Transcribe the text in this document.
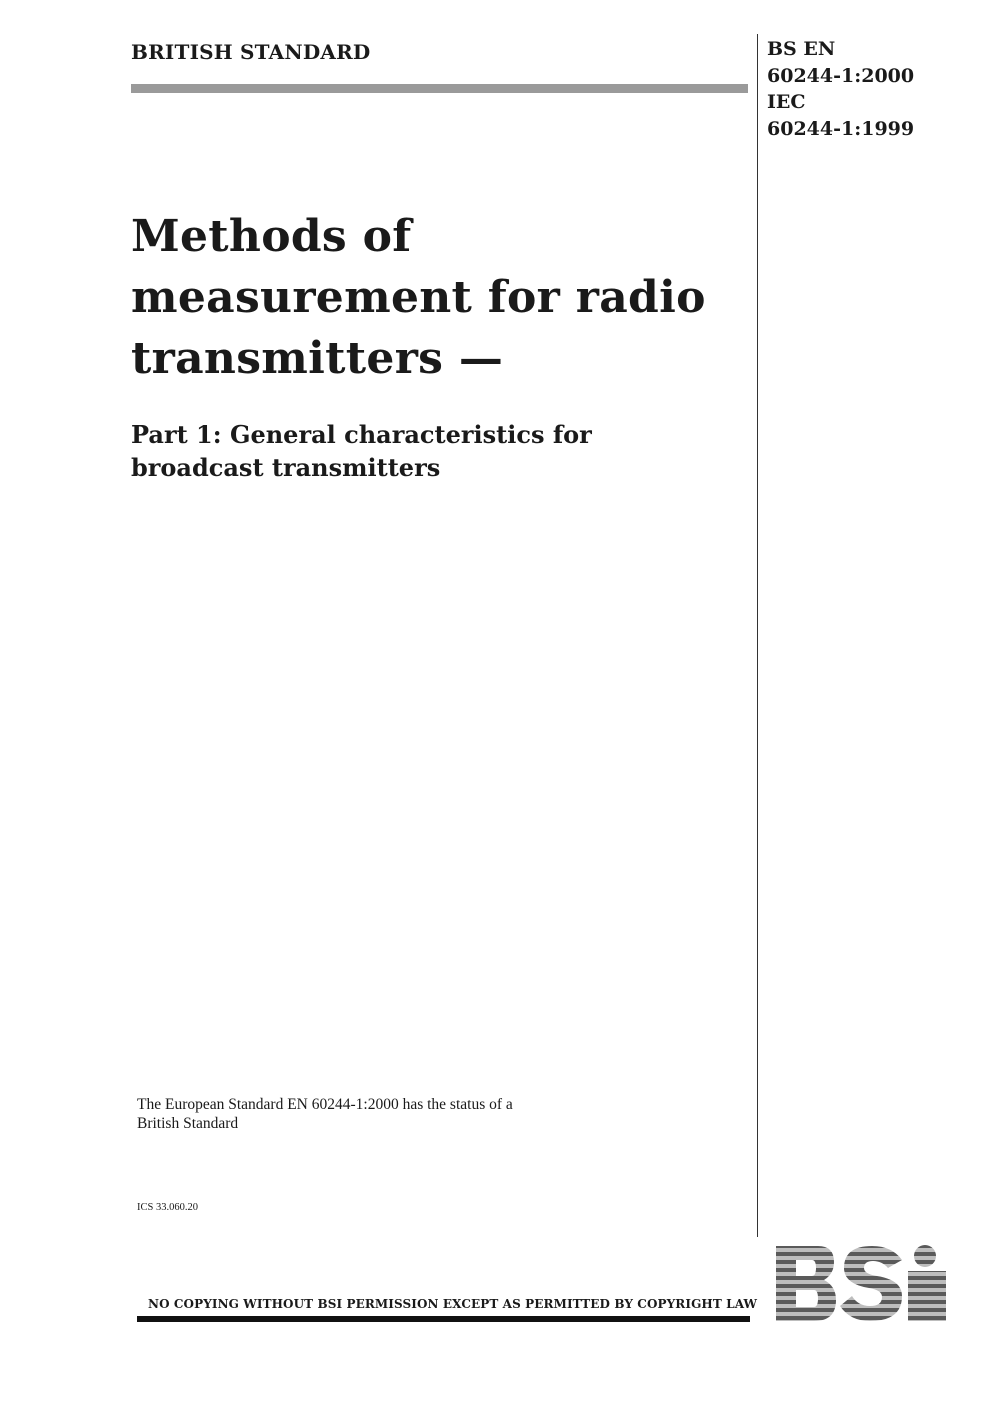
BRITISH STANDARD	BS EN
60244-1:2000
IEC
60244-1:1999
Methods of
measurement for radio
transmitters —
Part 1: General characteristics for
broadcast transmitters
The European Standard EN 60244-1:2000 has the status of a
British Standard
ICS 33.060.20
NO COPYING WITHOUT BSI PERMISSION EXCEPT AS PERMITTED BY COPYRIGHT LAW
